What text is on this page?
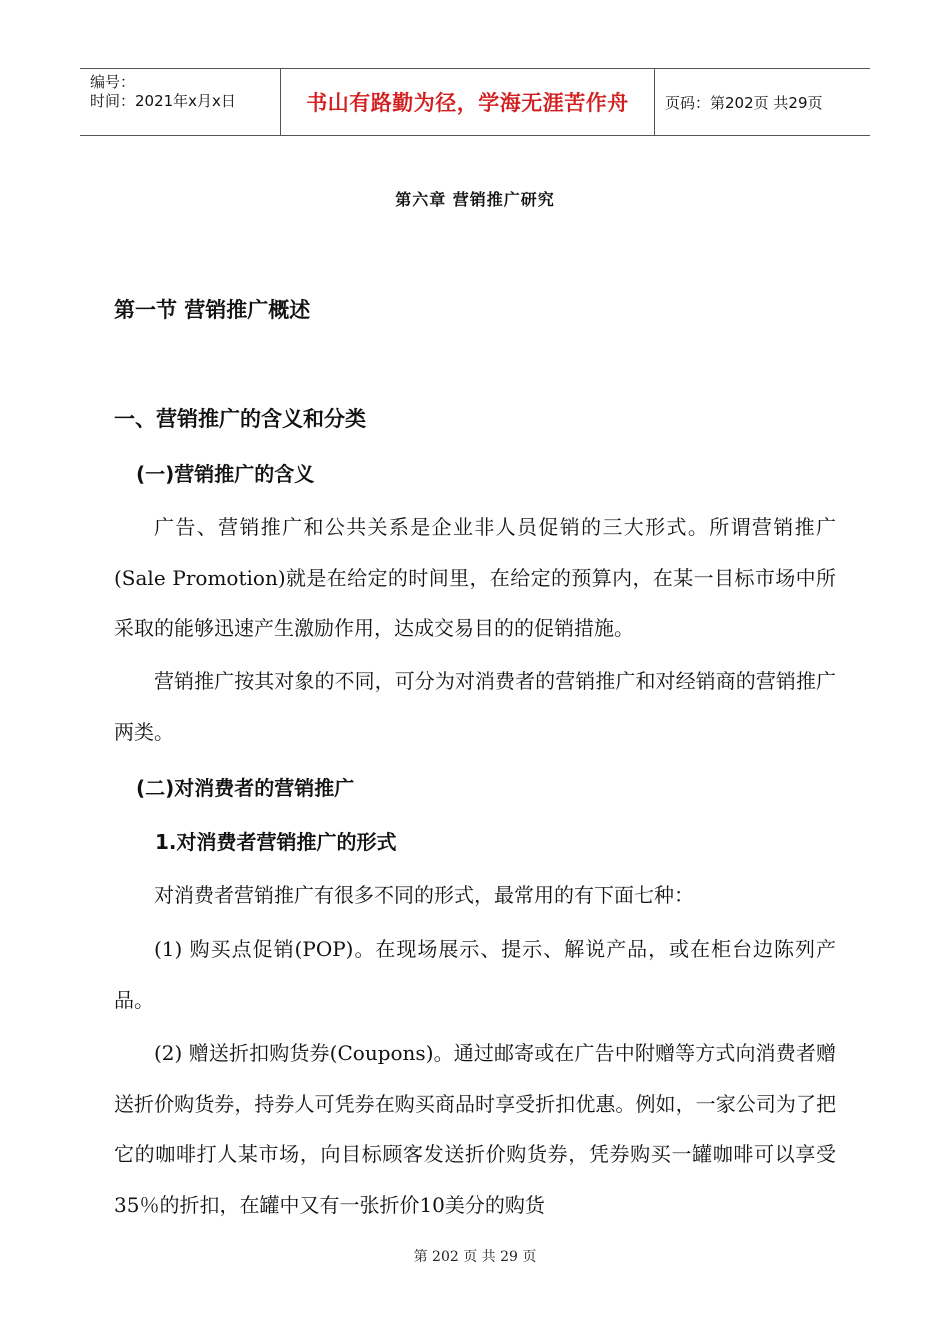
编号：
时间：2021年x月x日	书山有路勤为径，学海无涯苦作舟	页码：第202页 共29页
第六章 营销推广研究
第一节 营销推广概述
一、营销推广的含义和分类
(一)营销推广的含义

广告、营销推广和公共关系是企业非人员促销的三大形式。所谓营销推广(Sale Promotion)就是在给定的时间里，在给定的预算内，在某一目标市场中所采取的能够迅速产生激励作用，达成交易目的的促销措施。

营销推广按其对象的不同，可分为对消费者的营销推广和对经销商的营销推广两类。

(二)对消费者的营销推广
1.对消费者营销推广的形式

对消费者营销推广有很多不同的形式，最常用的有下面七种：

(1) 购买点促销(POP)。在现场展示、提示、解说产品，或在柜台边陈列产品。

(2) 赠送折扣购货券(Coupons)。通过邮寄或在广告中附赠等方式向消费者赠送折价购货券，持券人可凭券在购买商品时享受折扣优惠。例如，一家公司为了把它的咖啡打人某市场，向目标顾客发送折价购货券，凭券购买一罐咖啡可以享受35％的折扣，在罐中又有一张折价10美分的购货

第 202 页 共 29 页
